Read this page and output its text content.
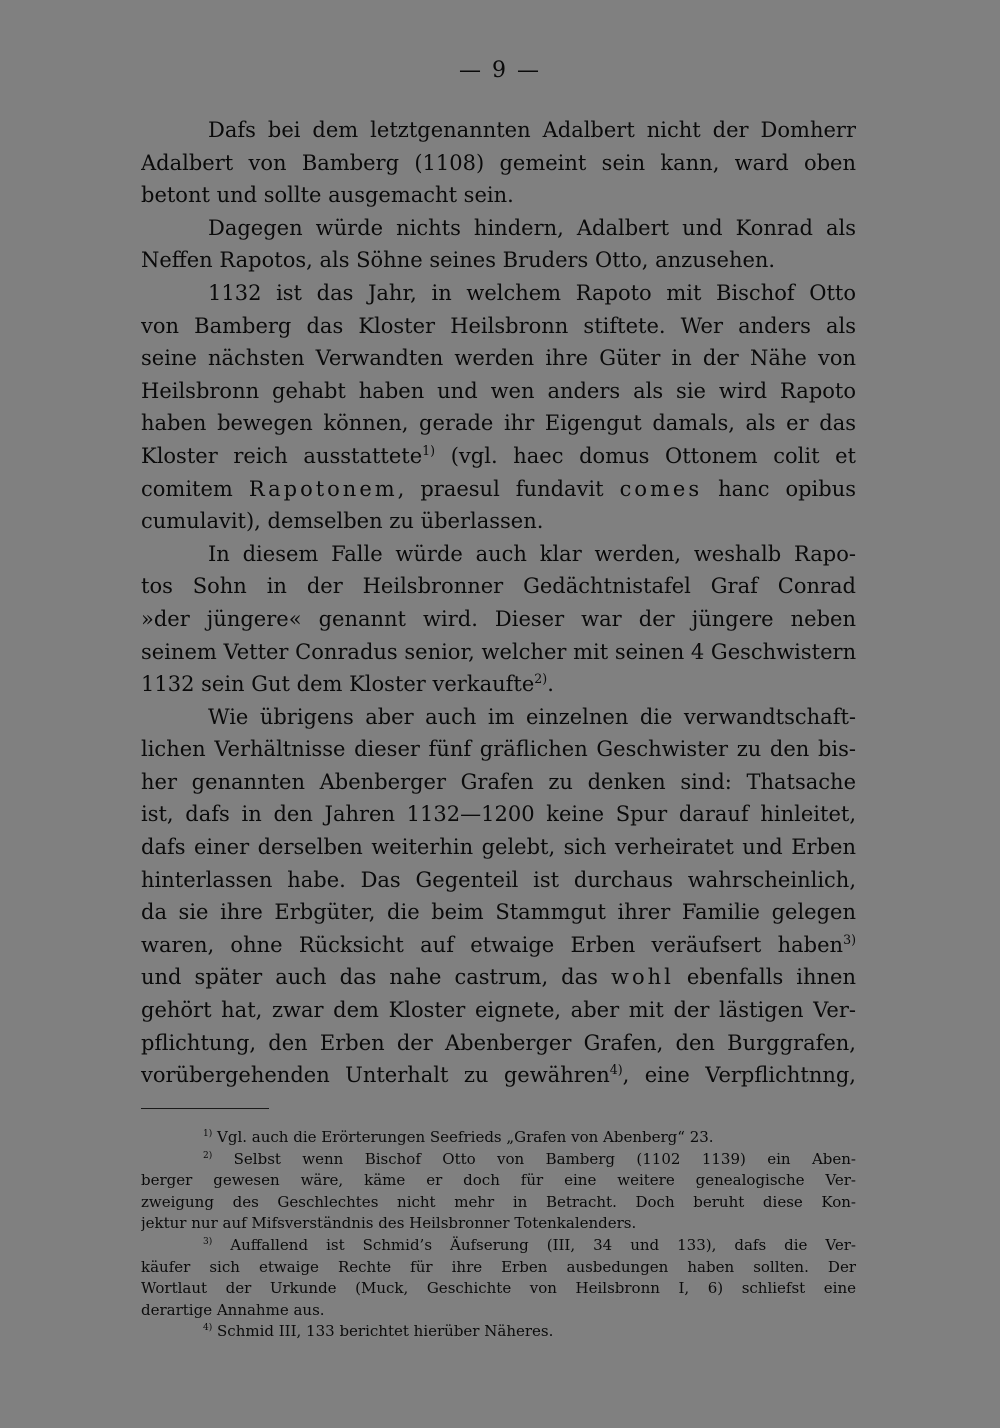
— 9 —
Dafs bei dem letztgenannten Adalbert nicht der Domherr
Adalbert von Bamberg (1108) gemeint sein kann, ward oben
betont und sollte ausgemacht sein.
Dagegen würde nichts hindern, Adalbert und Konrad als
Neffen Rapotos, als Söhne seines Bruders Otto, anzusehen.
1132 ist das Jahr, in welchem Rapoto mit Bischof Otto
von Bamberg das Kloster Heilsbronn stiftete. Wer anders als
seine nächsten Verwandten werden ihre Güter in der Nähe von
Heilsbronn gehabt haben und wen anders als sie wird Rapoto
haben bewegen können, gerade ihr Eigengut damals, als er das
Kloster reich ausstattete$^{1)}$ (vgl. haec domus Ottonem colit et
comitem Rapotonem, praesul fundavit comes hanc opibus
cumulavit), demselben zu überlassen.
In diesem Falle würde auch klar werden, weshalb Rapo-
tos Sohn in der Heilsbronner Gedächtnistafel Graf Conrad
»der jüngere« genannt wird. Dieser war der jüngere neben
seinem Vetter Conradus senior, welcher mit seinen 4 Geschwistern
1132 sein Gut dem Kloster verkaufte$^{2)}$.
Wie übrigens aber auch im einzelnen die verwandtschaft-
lichen Verhältnisse dieser fünf gräflichen Geschwister zu den bis-
her genannten Abenberger Grafen zu denken sind: Thatsache
ist, dafs in den Jahren 1132—1200 keine Spur darauf hinleitet,
dafs einer derselben weiterhin gelebt, sich verheiratet und Erben
hinterlassen habe. Das Gegenteil ist durchaus wahrscheinlich,
da sie ihre Erbgüter, die beim Stammgut ihrer Familie gelegen
waren, ohne Rücksicht auf etwaige Erben veräufsert haben$^{3)}$
und später auch das nahe castrum, das wohl ebenfalls ihnen
gehört hat, zwar dem Kloster eignete, aber mit der lästigen Ver-
pflichtung, den Erben der Abenberger Grafen, den Burggrafen,
vorübergehenden Unterhalt zu gewähren$^{4)}$, eine Verpflichtnng,
$^{1)}$ Vgl. auch die Erörterungen Seefrieds „Grafen von Abenberg“ 23.
$^{2)}$ Selbst wenn Bischof Otto von Bamberg (1102 1139) ein Aben-
berger gewesen wäre, käme er doch für eine weitere genealogische Ver-
zweigung des Geschlechtes nicht mehr in Betracht. Doch beruht diese Kon-
jektur nur auf Mifsverständnis des Heilsbronner Totenkalenders.
$^{3)}$ Auffallend ist Schmid’s Äufserung (III, 34 und 133), dafs die Ver-
käufer sich etwaige Rechte für ihre Erben ausbedungen haben sollten. Der
Wortlaut der Urkunde (Muck, Geschichte von Heilsbronn I, 6) schliefst eine
derartige Annahme aus.
$^{4)}$ Schmid III, 133 berichtet hierüber Näheres.
